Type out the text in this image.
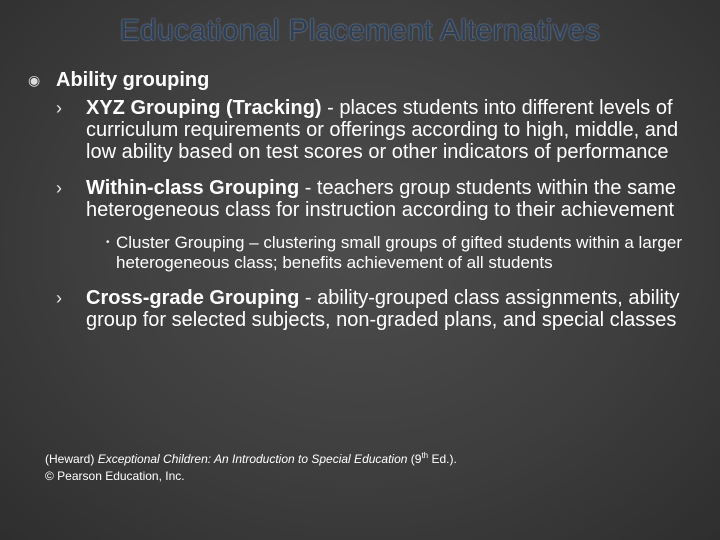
Educational Placement Alternatives
◉ Ability grouping
›	XYZ Grouping (Tracking) - places students into different levels of curriculum requirements or offerings according to high, middle, and low ability based on test scores or other indicators of performance
›	Within-class Grouping - teachers group students within the same heterogeneous class for instruction according to their achievement
• Cluster Grouping – clustering small groups of gifted students within a larger heterogeneous class; benefits achievement of all students
›	Cross-grade Grouping - ability-grouped class assignments, ability group for selected subjects, non-graded plans, and special classes
(Heward) Exceptional Children: An Introduction to Special Education (9th Ed.).
© Pearson Education, Inc.
